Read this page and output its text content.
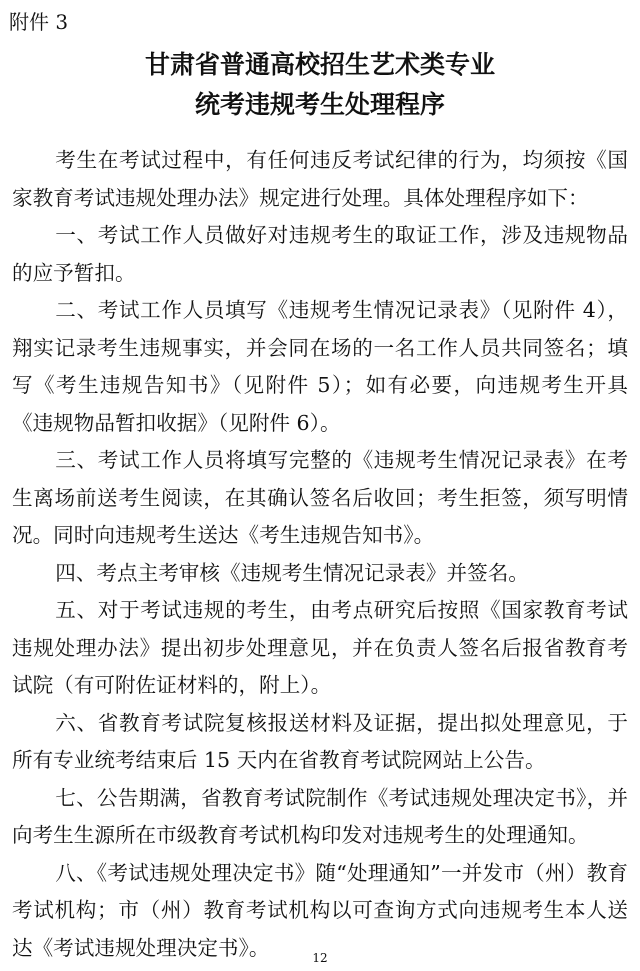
附件 3
甘肃省普通高校招生艺术类专业
统考违规考生处理程序

考生在考试过程中，有任何违反考试纪律的行为，均须按《国家教育考试违规处理办法》规定进行处理。具体处理程序如下：

一、考试工作人员做好对违规考生的取证工作，涉及违规物品的应予暂扣。

二、考试工作人员填写《违规考生情况记录表》（见附件 4），翔实记录考生违规事实，并会同在场的一名工作人员共同签名；填写《考生违规告知书》（见附件 5）；如有必要，向违规考生开具《违规物品暂扣收据》（见附件 6）。

三、考试工作人员将填写完整的《违规考生情况记录表》在考生离场前送考生阅读，在其确认签名后收回；考生拒签，须写明情况。同时向违规考生送达《考生违规告知书》。

四、考点主考审核《违规考生情况记录表》并签名。

五、对于考试违规的考生，由考点研究后按照《国家教育考试违规处理办法》提出初步处理意见，并在负责人签名后报省教育考试院（有可附佐证材料的，附上）。

六、省教育考试院复核报送材料及证据，提出拟处理意见，于所有专业统考结束后 15 天内在省教育考试院网站上公告。

七、公告期满，省教育考试院制作《考试违规处理决定书》，并向考生生源所在市级教育考试机构印发对违规考生的处理通知。

八、《考试违规处理决定书》随“处理通知”一并发市（州）教育考试机构；市（州）教育考试机构以可查询方式向违规考生本人送达《考试违规处理决定书》。	12
